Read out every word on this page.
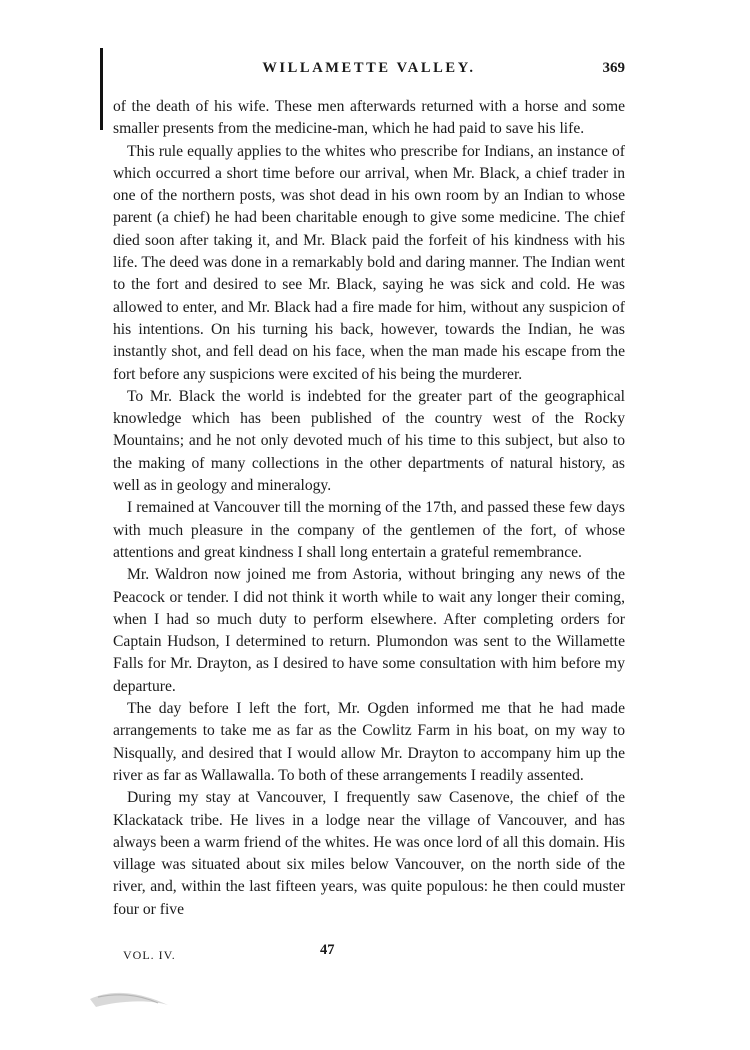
WILLAMETTE VALLEY.	369

of the death of his wife. These men afterwards returned with a horse and some smaller presents from the medicine-man, which he had paid to save his life.

This rule equally applies to the whites who prescribe for Indians, an instance of which occurred a short time before our arrival, when Mr. Black, a chief trader in one of the northern posts, was shot dead in his own room by an Indian to whose parent (a chief) he had been charitable enough to give some medicine. The chief died soon after taking it, and Mr. Black paid the forfeit of his kindness with his life. The deed was done in a remarkably bold and daring manner. The Indian went to the fort and desired to see Mr. Black, saying he was sick and cold. He was allowed to enter, and Mr. Black had a fire made for him, without any suspicion of his intentions. On his turning his back, however, towards the Indian, he was instantly shot, and fell dead on his face, when the man made his escape from the fort before any suspicions were excited of his being the murderer.

To Mr. Black the world is indebted for the greater part of the geographical knowledge which has been published of the country west of the Rocky Mountains; and he not only devoted much of his time to this subject, but also to the making of many collections in the other departments of natural history, as well as in geology and mineralogy.

I remained at Vancouver till the morning of the 17th, and passed these few days with much pleasure in the company of the gentlemen of the fort, of whose attentions and great kindness I shall long entertain a grateful remembrance.

Mr. Waldron now joined me from Astoria, without bringing any news of the Peacock or tender. I did not think it worth while to wait any longer their coming, when I had so much duty to perform elsewhere. After completing orders for Captain Hudson, I determined to return. Plumondon was sent to the Willamette Falls for Mr. Drayton, as I desired to have some consultation with him before my departure.

The day before I left the fort, Mr. Ogden informed me that he had made arrangements to take me as far as the Cowlitz Farm in his boat, on my way to Nisqually, and desired that I would allow Mr. Drayton to accompany him up the river as far as Wallawalla. To both of these arrangements I readily assented.

During my stay at Vancouver, I frequently saw Casenove, the chief of the Klackatack tribe. He lives in a lodge near the village of Vancouver, and has always been a warm friend of the whites. He was once lord of all this domain. His village was situated about six miles below Vancouver, on the north side of the river, and, within the last fifteen years, was quite populous: he then could muster four or five

VOL. IV.	47
